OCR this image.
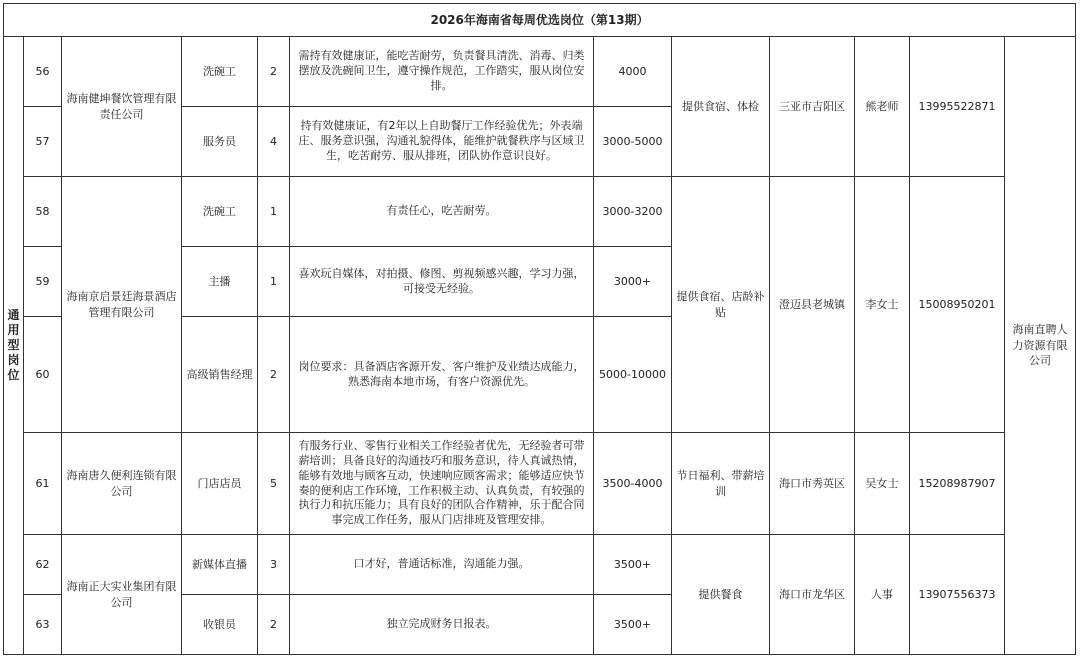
2026年海南省每周优选岗位（第13期）											
通用型岗位	56	海南健坤餐饮管理有限责任公司	洗碗工	2	需持有效健康证，能吃苦耐劳，负责餐具清洗、消毒、归类摆放及洗碗间卫生，遵守操作规范，工作踏实，服从岗位安排。	4000	提供食宿、体检	三亚市吉阳区	熊老师	13995522871	海南直聘人力资源有限公司
	57		服务员	4	持有效健康证，有2年以上自助餐厅工作经验优先；外表端庄、服务意识强，沟通礼貌得体，能维护就餐秩序与区域卫生，吃苦耐劳、服从排班，团队协作意识良好。	3000-5000					
	58	海南京启景廷海景酒店管理有限公司	洗碗工	1	有责任心，吃苦耐劳。	3000-3200	提供食宿、店龄补贴	澄迈县老城镇	李女士	15008950201	
	59		主播	1	喜欢玩自媒体，对拍摄、修图、剪视频感兴趣，学习力强，可接受无经验。	3000+					
	60		高级销售经理	2	岗位要求：具备酒店客源开发、客户维护及业绩达成能力，熟悉海南本地市场，有客户资源优先。	5000-10000					
	61	海南唐久便利连锁有限公司	门店店员	5	有服务行业、零售行业相关工作经验者优先，无经验者可带薪培训；具备良好的沟通技巧和服务意识，待人真诚热情，能够有效地与顾客互动，快速响应顾客需求；能够适应快节奏的便利店工作环境，工作积极主动、认真负责，有较强的执行力和抗压能力；具有良好的团队合作精神，乐于配合同事完成工作任务，服从门店排班及管理安排。	3500-4000	节日福利、带薪培训	海口市秀英区	吴女士	15208987907	
	62	海南正大实业集团有限公司	新媒体直播	3	口才好，普通话标准，沟通能力强。	3500+	提供餐食	海口市龙华区	人事	13907556373	
	63		收银员	2	独立完成财务日报表。	3500+					
